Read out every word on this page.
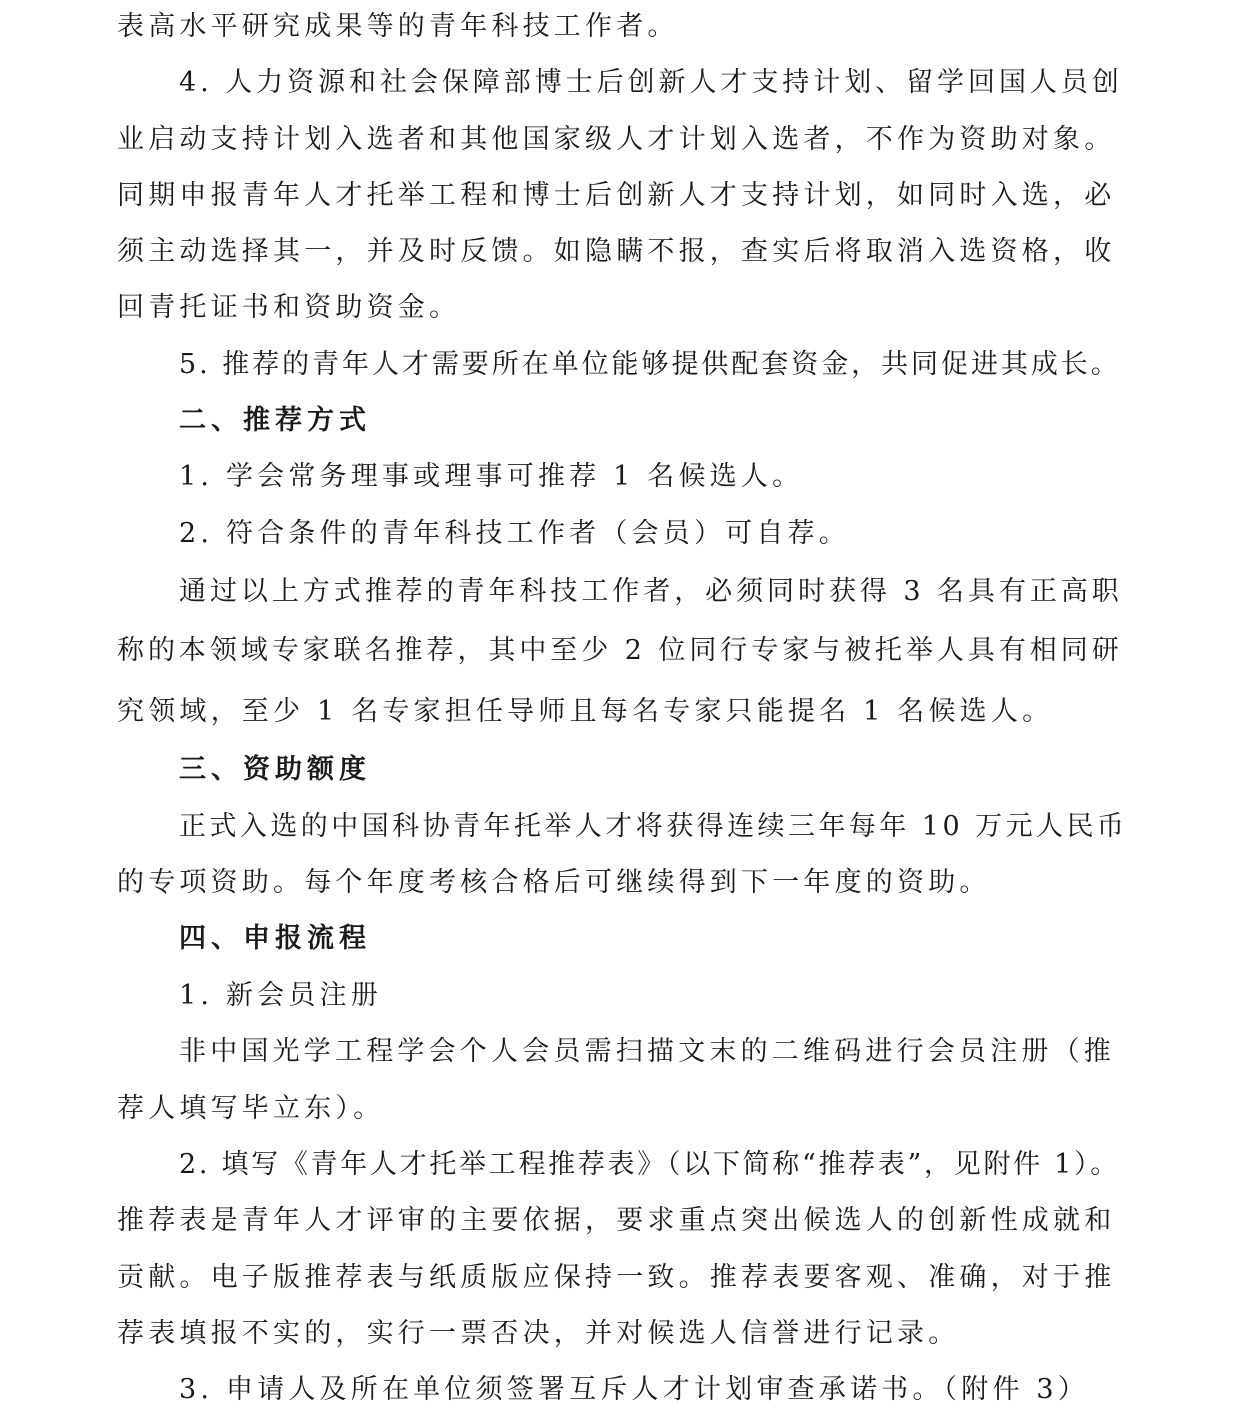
表高水平研究成果等的青年科技工作者。
4. 人力资源和社会保障部博士后创新人才支持计划、留学回国人员创
业启动支持计划入选者和其他国家级人才计划入选者，不作为资助对象。
同期申报青年人才托举工程和博士后创新人才支持计划，如同时入选，必
须主动选择其一，并及时反馈。如隐瞒不报，查实后将取消入选资格，收
回青托证书和资助资金。
5. 推荐的青年人才需要所在单位能够提供配套资金，共同促进其成长。
二、推荐方式
1. 学会常务理事或理事可推荐 1 名候选人。
2. 符合条件的青年科技工作者（会员）可自荐。
通过以上方式推荐的青年科技工作者，必须同时获得 3 名具有正高职
称的本领域专家联名推荐，其中至少 2 位同行专家与被托举人具有相同研
究领域，至少 1 名专家担任导师且每名专家只能提名 1 名候选人。
三、资助额度
正式入选的中国科协青年托举人才将获得连续三年每年 10 万元人民币
的专项资助。每个年度考核合格后可继续得到下一年度的资助。
四、申报流程
1. 新会员注册
非中国光学工程学会个人会员需扫描文末的二维码进行会员注册（推
荐人填写毕立东）。
2. 填写《青年人才托举工程推荐表》（以下简称“推荐表”，见附件 1）。
推荐表是青年人才评审的主要依据，要求重点突出候选人的创新性成就和
贡献。电子版推荐表与纸质版应保持一致。推荐表要客观、准确，对于推
荐表填报不实的，实行一票否决，并对候选人信誉进行记录。
3. 申请人及所在单位须签署互斥人才计划审查承诺书。（附件 3）
